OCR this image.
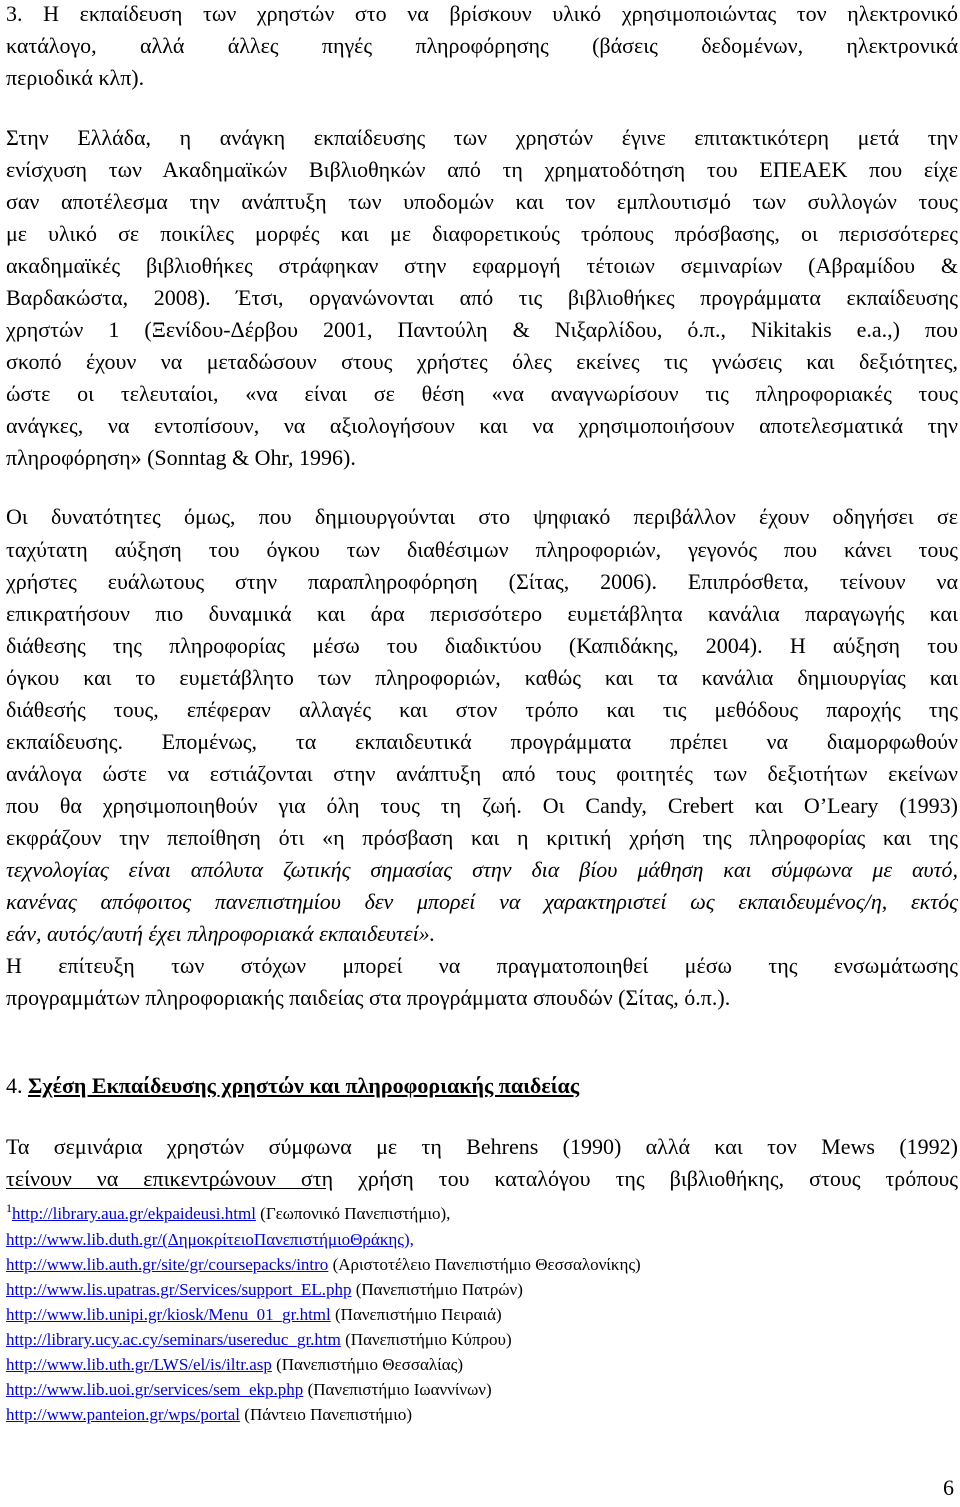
3. Η εκπαίδευση των χρηστών στο να βρίσκουν υλικό χρησιμοποιώντας τον ηλεκτρονικό
κατάλογο, αλλά άλλες πηγές πληροφόρησης (βάσεις δεδομένων, ηλεκτρονικά
περιοδικά κλπ).
Στην Ελλάδα, η ανάγκη εκπαίδευσης των χρηστών έγινε επιτακτικότερη μετά την
ενίσχυση των Ακαδημαϊκών Βιβλιοθηκών από τη χρηματοδότηση του ΕΠΕΑΕΚ που είχε
σαν αποτέλεσμα την ανάπτυξη των υποδομών και τον εμπλουτισμό των συλλογών τους
με υλικό σε ποικίλες μορφές και με διαφορετικούς τρόπους πρόσβασης, οι περισσότερες
ακαδημαϊκές βιβλιοθήκες στράφηκαν στην εφαρμογή τέτοιων σεμιναρίων (Αβραμίδου &
Βαρδακώστα, 2008). Έτσι, οργανώνονται από τις βιβλιοθήκες προγράμματα εκπαίδευσης
χρηστών 1 (Ξενίδου-Δέρβου 2001, Παντούλη & Νιξαρλίδου, ό.π., Nikitakis e.a.,) που
σκοπό έχουν να μεταδώσουν στους χρήστες όλες εκείνες τις γνώσεις και δεξιότητες,
ώστε οι τελευταίοι, «να είναι σε θέση «να αναγνωρίσουν τις πληροφοριακές τους
ανάγκες, να εντοπίσουν, να αξιολογήσουν και να χρησιμοποιήσουν αποτελεσματικά την
πληροφόρηση» (Sonntag & Ohr, 1996).
Οι δυνατότητες όμως, που δημιουργούνται στο ψηφιακό περιβάλλον έχουν οδηγήσει σε
ταχύτατη αύξηση του όγκου των διαθέσιμων πληροφοριών, γεγονός που κάνει τους
χρήστες ευάλωτους στην παραπληροφόρηση (Σίτας, 2006). Επιπρόσθετα, τείνουν να
επικρατήσουν πιο δυναμικά και άρα περισσότερο ευμετάβλητα κανάλια παραγωγής και
διάθεσης της πληροφορίας μέσω του διαδικτύου (Καπιδάκης, 2004). Η αύξηση του
όγκου και το ευμετάβλητο των πληροφοριών, καθώς και τα κανάλια δημιουργίας και
διάθεσής τους, επέφεραν αλλαγές και στον τρόπο και τις μεθόδους παροχής της
εκπαίδευσης. Επομένως, τα εκπαιδευτικά προγράμματα πρέπει να διαμορφωθούν
ανάλογα ώστε να εστιάζονται στην ανάπτυξη από τους φοιτητές των δεξιοτήτων εκείνων
που θα χρησιμοποιηθούν για όλη τους τη ζωή. Οι Candy, Crebert και O’Leary (1993)
εκφράζουν την πεποίθηση ότι «η πρόσβαση και η κριτική χρήση της πληροφορίας και της
τεχνολογίας είναι απόλυτα ζωτικής σημασίας στην δια βίου μάθηση και σύμφωνα με αυτό,
κανένας απόφοιτος πανεπιστημίου δεν μπορεί να χαρακτηριστεί ως εκπαιδευμένος/η, εκτός
εάν, αυτός/αυτή έχει πληροφοριακά εκπαιδευτεί».
Η επίτευξη των στόχων μπορεί να πραγματοποιηθεί μέσω της ενσωμάτωσης
προγραμμάτων πληροφοριακής παιδείας στα προγράμματα σπουδών (Σίτας, ό.π.).
4. Σχέση Εκπαίδευσης χρηστών και πληροφοριακής παιδείας
Τα σεμινάρια χρηστών σύμφωνα με τη Behrens (1990) αλλά και τον Mews (1992)
τείνουν να επικεντρώνουν στη χρήση του καταλόγου της βιβλιοθήκης, στους τρόπους
$^1$http://library.aua.gr/ekpaideusi.html (Γεωπονικό Πανεπιστήμιο),
http://www.lib.duth.gr/(ΔημοκρίτειοΠανεπιστήμιοΘράκης),
http://www.lib.auth.gr/site/gr/coursepacks/intro (Αριστοτέλειο Πανεπιστήμιο Θεσσαλονίκης)
http://www.lis.upatras.gr/Services/support_EL.php (Πανεπιστήμιο Πατρών)
http://www.lib.unipi.gr/kiosk/Menu_01_gr.html (Πανεπιστήμιο Πειραιά)
http://library.ucy.ac.cy/seminars/usereduc_gr.htm (Πανεπιστήμιο Κύπρου)
http://www.lib.uth.gr/LWS/el/is/iltr.asp (Πανεπιστήμιο Θεσσαλίας)
http://www.lib.uoi.gr/services/sem_ekp.php (Πανεπιστήμιο Ιωαννίνων)
http://www.panteion.gr/wps/portal (Πάντειο Πανεπιστήμιο)
6
